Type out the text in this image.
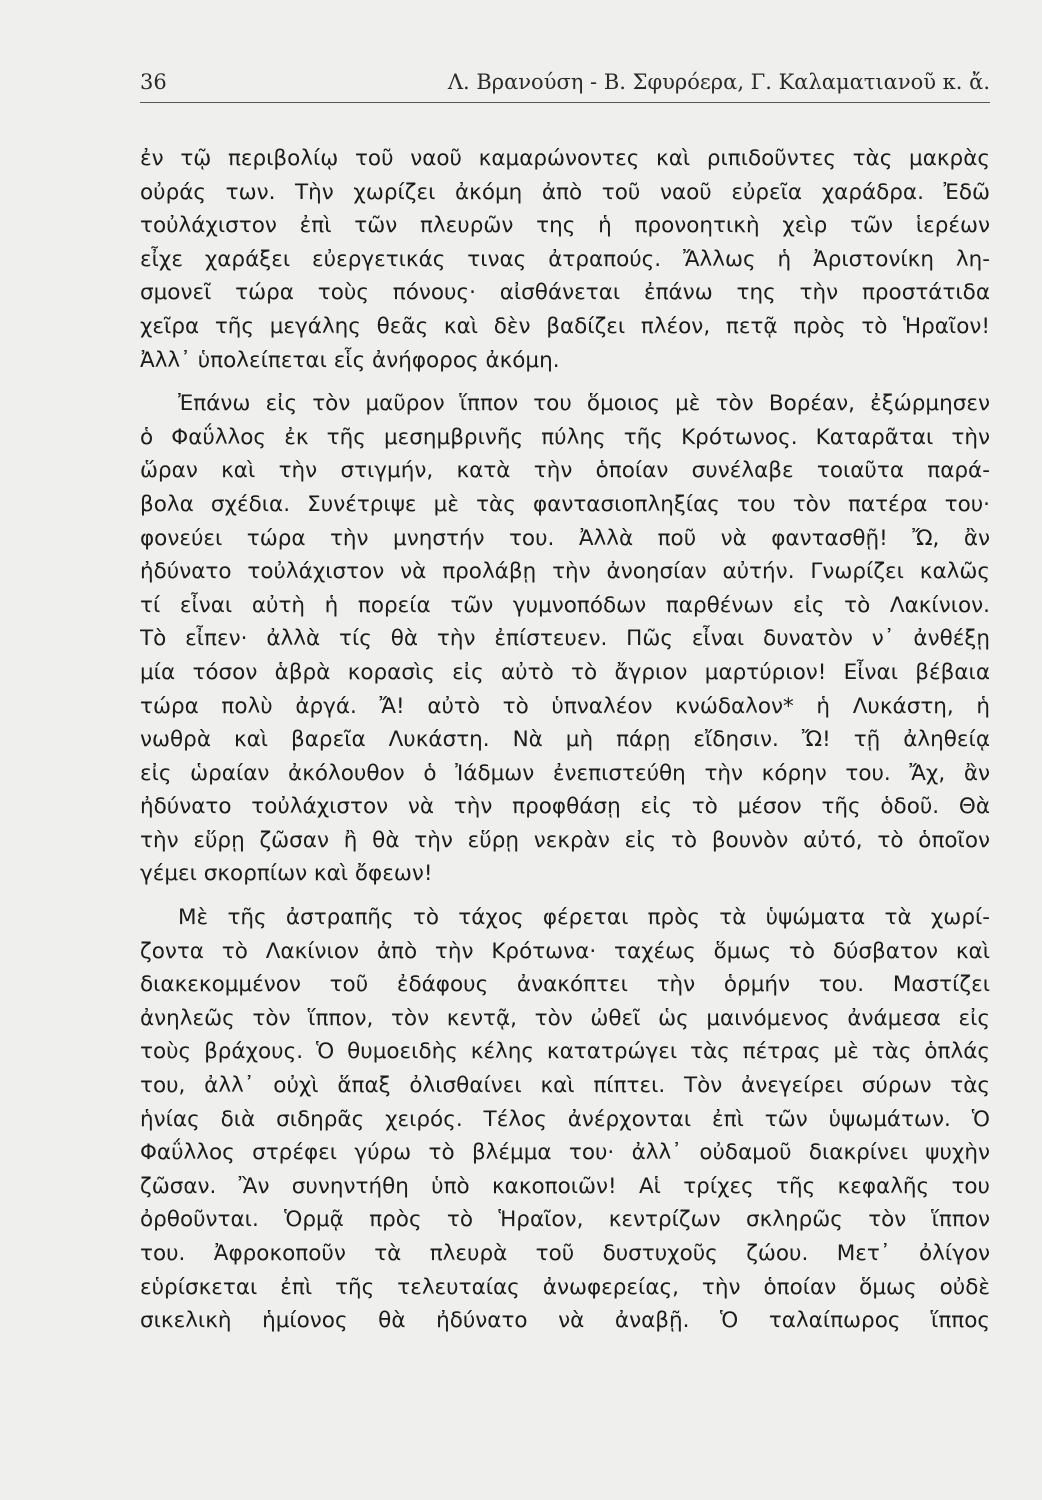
36	Λ. Βρανούση - Β. Σφυρόερα, Γ. Καλαματιανοῦ κ. ἄ.
ἐν τῷ περιβολίῳ τοῦ ναοῦ καμαρώνοντες καὶ ριπιδοῦντες τὰς μακρὰς
οὐράς των. Τὴν χωρίζει ἀκόμη ἀπὸ τοῦ ναοῦ εὐρεῖα χαράδρα. Ἐδῶ
τοὐλάχιστον ἐπὶ τῶν πλευρῶν της ἡ προνοητικὴ χεὶρ τῶν ἱερέων
εἶχε χαράξει εὐεργετικάς τινας ἀτραπούς. Ἄλλως ἡ Ἀριστονίκη λη-
σμονεῖ τώρα τοὺς πόνους· αἰσθάνεται ἐπάνω της τὴν προστάτιδα
χεῖρα τῆς μεγάλης θεᾶς καὶ δὲν βαδίζει πλέον, πετᾷ πρὸς τὸ Ἡραῖον!
Ἀλλ᾽ ὑπολείπεται εἷς ἀνήφορος ἀκόμη.
Ἐπάνω εἰς τὸν μαῦρον ἵππον του ὅμοιος μὲ τὸν Βορέαν, ἐξώρμησεν
ὁ Φαΰλλος ἐκ τῆς μεσημβρινῆς πύλης τῆς Κρότωνος. Καταρᾶται τὴν
ὥραν καὶ τὴν στιγμήν, κατὰ τὴν ὁποίαν συνέλαβε τοιαῦτα παρά-
βολα σχέδια. Συνέτριψε μὲ τὰς φαντασιοπληξίας του τὸν πατέρα του·
φονεύει τώρα τὴν μνηστήν του. Ἀλλὰ ποῦ νὰ φαντασθῇ! Ὤ, ἂν
ἠδύνατο τοὐλάχιστον νὰ προλάβῃ τὴν ἀνοησίαν αὐτήν. Γνωρίζει καλῶς
τί εἶναι αὐτὴ ἡ πορεία τῶν γυμνοπόδων παρθένων εἰς τὸ Λακίνιον.
Τὸ εἶπεν· ἀλλὰ τίς θὰ τὴν ἐπίστευεν. Πῶς εἶναι δυνατὸν ν᾽ ἀνθέξῃ
μία τόσον ἁβρὰ κορασὶς εἰς αὐτὸ τὸ ἄγριον μαρτύριον! Εἶναι βέβαια
τώρα πολὺ ἀργά. Ἄ! αὐτὸ τὸ ὑπναλέον κνώδαλον* ἡ Λυκάστη, ἡ
νωθρὰ καὶ βαρεῖα Λυκάστη. Νὰ μὴ πάρῃ εἴδησιν. Ὤ! τῇ ἀληθείᾳ
εἰς ὡραίαν ἀκόλουθον ὁ Ἰάδμων ἐνεπιστεύθη τὴν κόρην του. Ἄχ, ἂν
ἠδύνατο τοὐλάχιστον νὰ τὴν προφθάσῃ εἰς τὸ μέσον τῆς ὁδοῦ. Θὰ
τὴν εὕρῃ ζῶσαν ἢ θὰ τὴν εὕρῃ νεκρὰν εἰς τὸ βουνὸν αὐτό, τὸ ὁποῖον
γέμει σκορπίων καὶ ὄφεων!
Μὲ τῆς ἀστραπῆς τὸ τάχος φέρεται πρὸς τὰ ὑψώματα τὰ χωρί-
ζοντα τὸ Λακίνιον ἀπὸ τὴν Κρότωνα· ταχέως ὅμως τὸ δύσβατον καὶ
διακεκομμένον τοῦ ἐδάφους ἀνακόπτει τὴν ὁρμήν του. Μαστίζει
ἀνηλεῶς τὸν ἵππον, τὸν κεντᾷ, τὸν ὠθεῖ ὡς μαινόμενος ἀνάμεσα εἰς
τοὺς βράχους. Ὁ θυμοειδὴς κέλης κατατρώγει τὰς πέτρας μὲ τὰς ὁπλάς
του, ἀλλ᾽ οὐχὶ ἅπαξ ὀλισθαίνει καὶ πίπτει. Τὸν ἀνεγείρει σύρων τὰς
ἡνίας διὰ σιδηρᾶς χειρός. Τέλος ἀνέρχονται ἐπὶ τῶν ὑψωμάτων. Ὁ
Φαΰλλος στρέφει γύρω τὸ βλέμμα του· ἀλλ᾽ οὐδαμοῦ διακρίνει ψυχὴν
ζῶσαν. Ἂν συνηντήθη ὑπὸ κακοποιῶν! Αἱ τρίχες τῆς κεφαλῆς του
ὀρθοῦνται. Ὁρμᾷ πρὸς τὸ Ἡραῖον, κεντρίζων σκληρῶς τὸν ἵππον
του. Ἀφροκοποῦν τὰ πλευρὰ τοῦ δυστυχοῦς ζώου. Μετ᾽ ὀλίγον
εὑρίσκεται ἐπὶ τῆς τελευταίας ἀνωφερείας, τὴν ὁποίαν ὅμως οὐδὲ
σικελικὴ ἡμίονος θὰ ἠδύνατο νὰ ἀναβῇ. Ὁ ταλαίπωρος ἵππος
